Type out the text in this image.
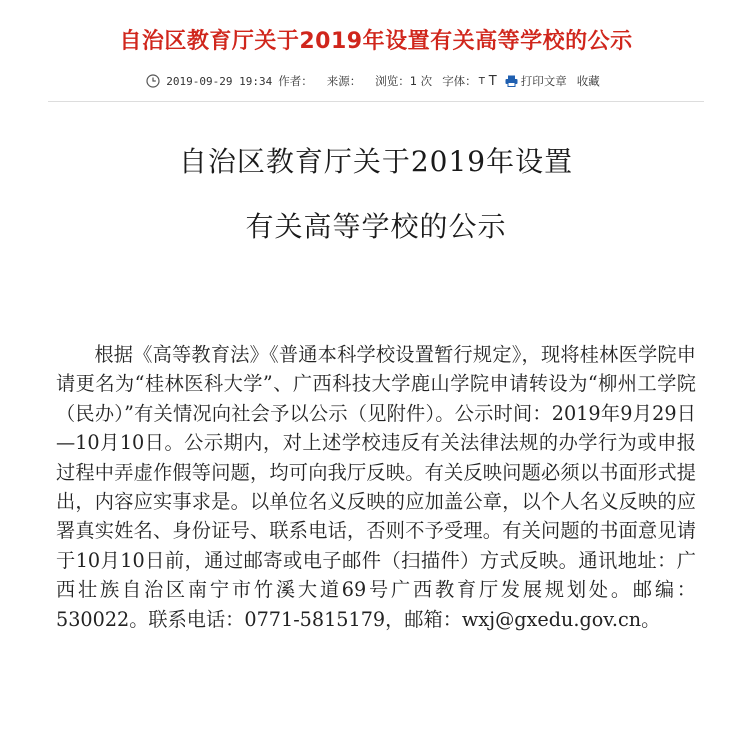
自治区教育厅关于2019年设置有关高等学校的公示
2019-09-29 19:34 作者： 来源： 浏览：1 次 字体： T T 打印文章 收藏
自治区教育厅关于2019年设置
有关高等学校的公示

根据《高等教育法》《普通本科学校设置暂行规定》，现将桂林医学院申请更名为“桂林医科大学”、广西科技大学鹿山学院申请转设为“柳州工学院（民办）”有关情况向社会予以公示（见附件）。公示时间：2019年9月29日—10月10日。公示期内，对上述学校违反有关法律法规的办学行为或申报过程中弄虚作假等问题，均可向我厅反映。有关反映问题必须以书面形式提出，内容应实事求是。以单位名义反映的应加盖公章，以个人名义反映的应署真实姓名、身份证号、联系电话，否则不予受理。有关问题的书面意见请于10月10日前，通过邮寄或电子邮件（扫描件）方式反映。通讯地址：广西壮族自治区南宁市竹溪大道69号广西教育厅发展规划处。邮编：530022。联系电话：0771-5815179，邮箱：wxj@gxedu.gov.cn。
